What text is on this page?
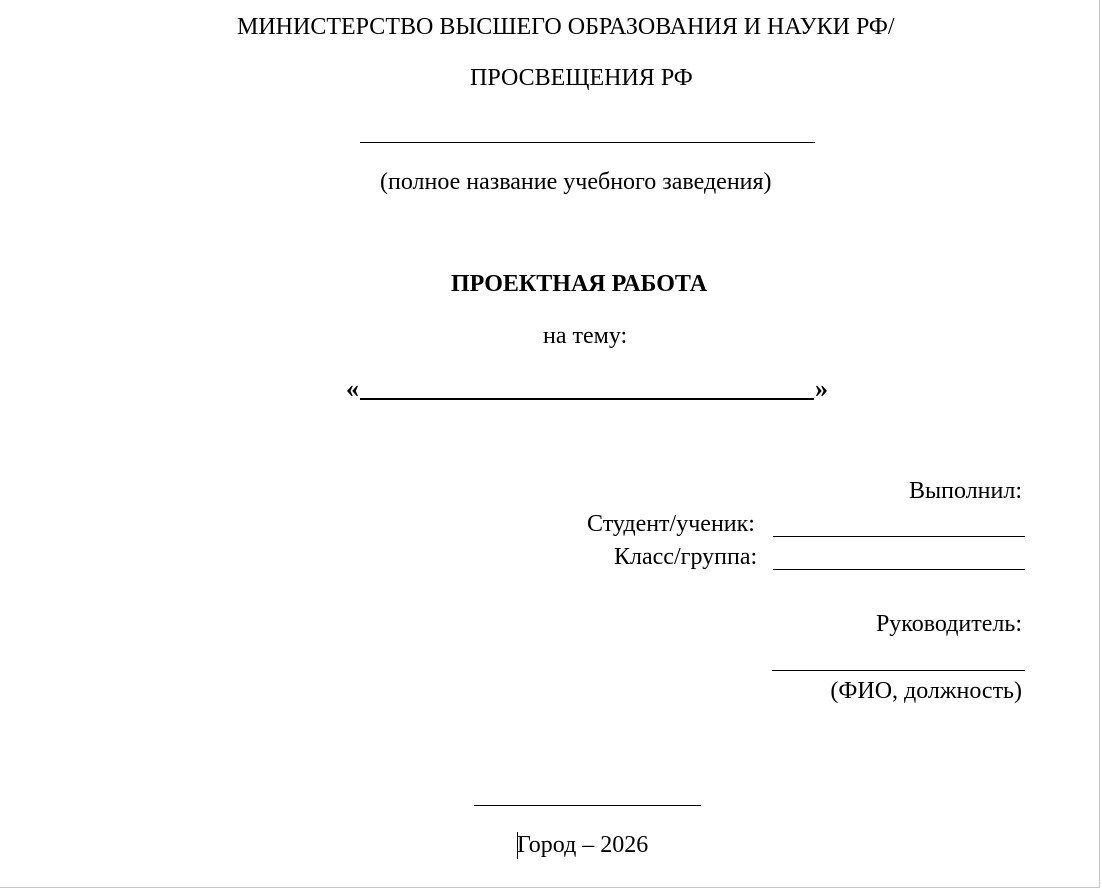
МИНИСТЕРСТВО ВЫСШЕГО ОБРАЗОВАНИЯ И НАУКИ РФ/
ПРОСВЕЩЕНИЯ РФ
(полное название учебного заведения)
ПРОЕКТНАЯ РАБОТА
на тему:
«	»
Выполнил:
Студент/ученик:
Класс/группа:
Руководитель:
(ФИО, должность)
Город – 2026
